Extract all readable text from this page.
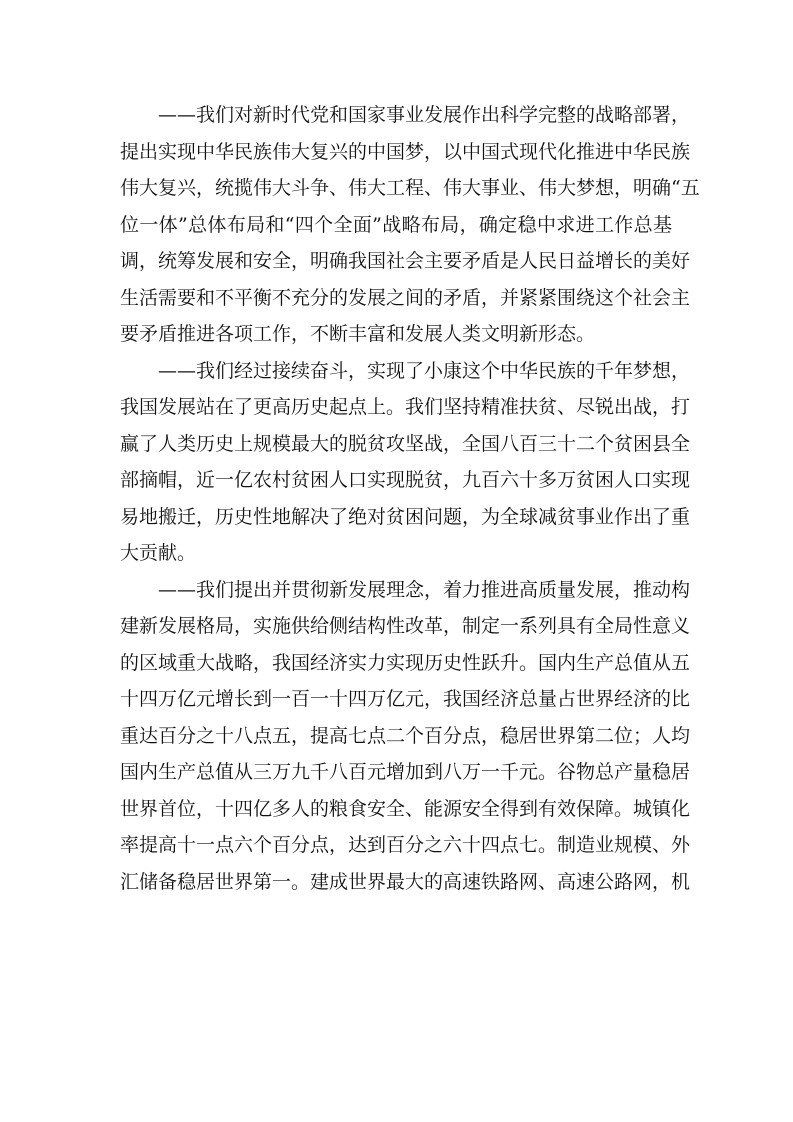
——我们对新时代党和国家事业发展作出科学完整的战略部署，
提出实现中华民族伟大复兴的中国梦，以中国式现代化推进中华民族
伟大复兴，统揽伟大斗争、伟大工程、伟大事业、伟大梦想，明确“五
位一体”总体布局和“四个全面”战略布局，确定稳中求进工作总基
调，统筹发展和安全，明确我国社会主要矛盾是人民日益增长的美好
生活需要和不平衡不充分的发展之间的矛盾，并紧紧围绕这个社会主
要矛盾推进各项工作，不断丰富和发展人类文明新形态。
——我们经过接续奋斗，实现了小康这个中华民族的千年梦想，
我国发展站在了更高历史起点上。我们坚持精准扶贫、尽锐出战，打
赢了人类历史上规模最大的脱贫攻坚战，全国八百三十二个贫困县全
部摘帽，近一亿农村贫困人口实现脱贫，九百六十多万贫困人口实现
易地搬迁，历史性地解决了绝对贫困问题，为全球减贫事业作出了重
大贡献。
——我们提出并贯彻新发展理念，着力推进高质量发展，推动构
建新发展格局，实施供给侧结构性改革，制定一系列具有全局性意义
的区域重大战略，我国经济实力实现历史性跃升。国内生产总值从五
十四万亿元增长到一百一十四万亿元，我国经济总量占世界经济的比
重达百分之十八点五，提高七点二个百分点，稳居世界第二位；人均
国内生产总值从三万九千八百元增加到八万一千元。谷物总产量稳居
世界首位，十四亿多人的粮食安全、能源安全得到有效保障。城镇化
率提高十一点六个百分点，达到百分之六十四点七。制造业规模、外
汇储备稳居世界第一。建成世界最大的高速铁路网、高速公路网，机
